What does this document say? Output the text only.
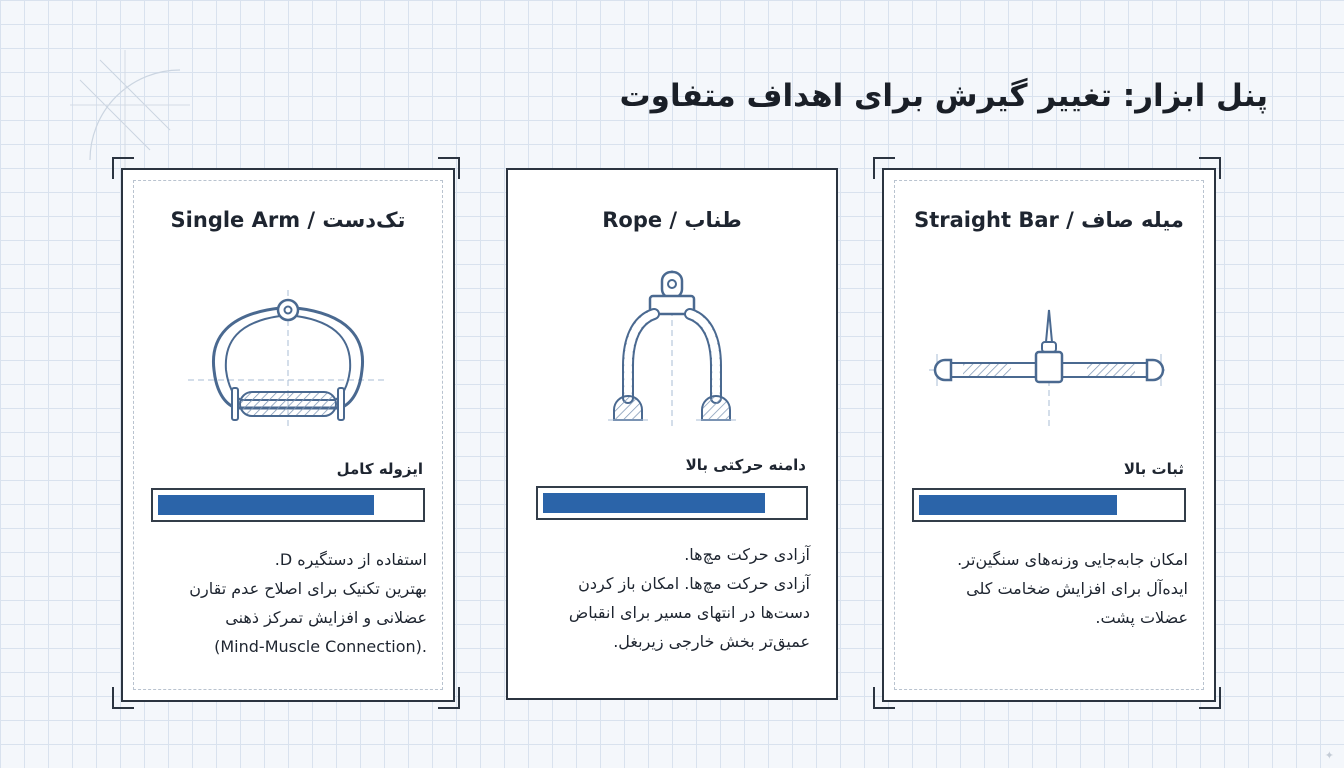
پنل ابزار: تغییر گیرش برای اهداف متفاوت
Single Arm / تک‌دست
ایزوله کامل
استفاده از دستگیره D.
بهترین تکنیک برای اصلاح عدم تقارن
عضلانی و افزایش تمرکز ذهنی
(Mind-Muscle Connection).
Rope / طناب
دامنه حرکتی بالا
آزادی حرکت مچ‌ها.
آزادی حرکت مچ‌ها. امکان باز کردن
دست‌ها در انتهای مسیر برای انقباض
عمیق‌تر بخش خارجی زیربغل.
Straight Bar / میله صاف
ثبات بالا
امکان جابه‌جایی وزنه‌های سنگین‌تر.
ایده‌آل برای افزایش ضخامت کلی
عضلات پشت.
✦
